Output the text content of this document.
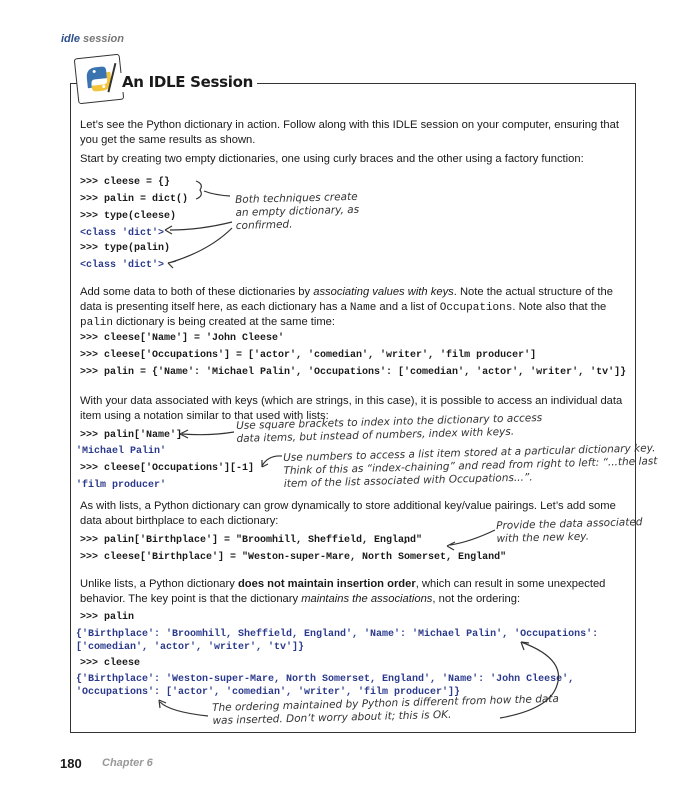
idle session
An IDLE Session
Let’s see the Python dictionary in action. Follow along with this IDLE session on your computer, ensuring that you get the same results as shown.
Start by creating two empty dictionaries, one using curly braces and the other using a factory function:
>>> cleese = {}
>>> palin = dict()
>>> type(cleese)
<class 'dict'>
>>> type(palin)
<class 'dict'>
Both techniques create
an empty dictionary, as
confirmed.
Add some data to both of these dictionaries by associating values with keys. Note the actual structure of the data is presenting itself here, as each dictionary has a Name and a list of Occupations. Note also that the palin dictionary is being created at the same time:
>>> cleese['Name'] = 'John Cleese'
>>> cleese['Occupations'] = ['actor', 'comedian', 'writer', 'film producer']
>>> palin = {'Name': 'Michael Palin', 'Occupations': ['comedian', 'actor', 'writer', 'tv']}
With your data associated with keys (which are strings, in this case), it is possible to access an individual data item using a notation similar to that used with lists:
>>> palin['Name']
'Michael Palin'
>>> cleese['Occupations'][-1]
'film producer'
Use square brackets to index into the dictionary to access
data items, but instead of numbers, index with keys.
Use numbers to access a list item stored at a particular dictionary key.
Think of this as “index-chaining” and read from right to left: “...the last
item of the list associated with Occupations...”.
As with lists, a Python dictionary can grow dynamically to store additional key/value pairings. Let’s add some data about birthplace to each dictionary:
>>> palin['Birthplace'] = "Broomhill, Sheffield, England"
>>> cleese['Birthplace'] = "Weston-super-Mare, North Somerset, England"
Provide the data associated
with the new key.
Unlike lists, a Python dictionary does not maintain insertion order, which can result in some unexpected behavior. The key point is that the dictionary maintains the associations, not the ordering:
>>> palin
{'Birthplace': 'Broomhill, Sheffield, England', 'Name': 'Michael Palin', 'Occupations':
['comedian', 'actor', 'writer', 'tv']}
>>> cleese
{'Birthplace': 'Weston-super-Mare, North Somerset, England', 'Name': 'John Cleese',
'Occupations': ['actor', 'comedian', 'writer', 'film producer']}
The ordering maintained by Python is different from how the data
was inserted. Don’t worry about it; this is OK.
180 Chapter 6
